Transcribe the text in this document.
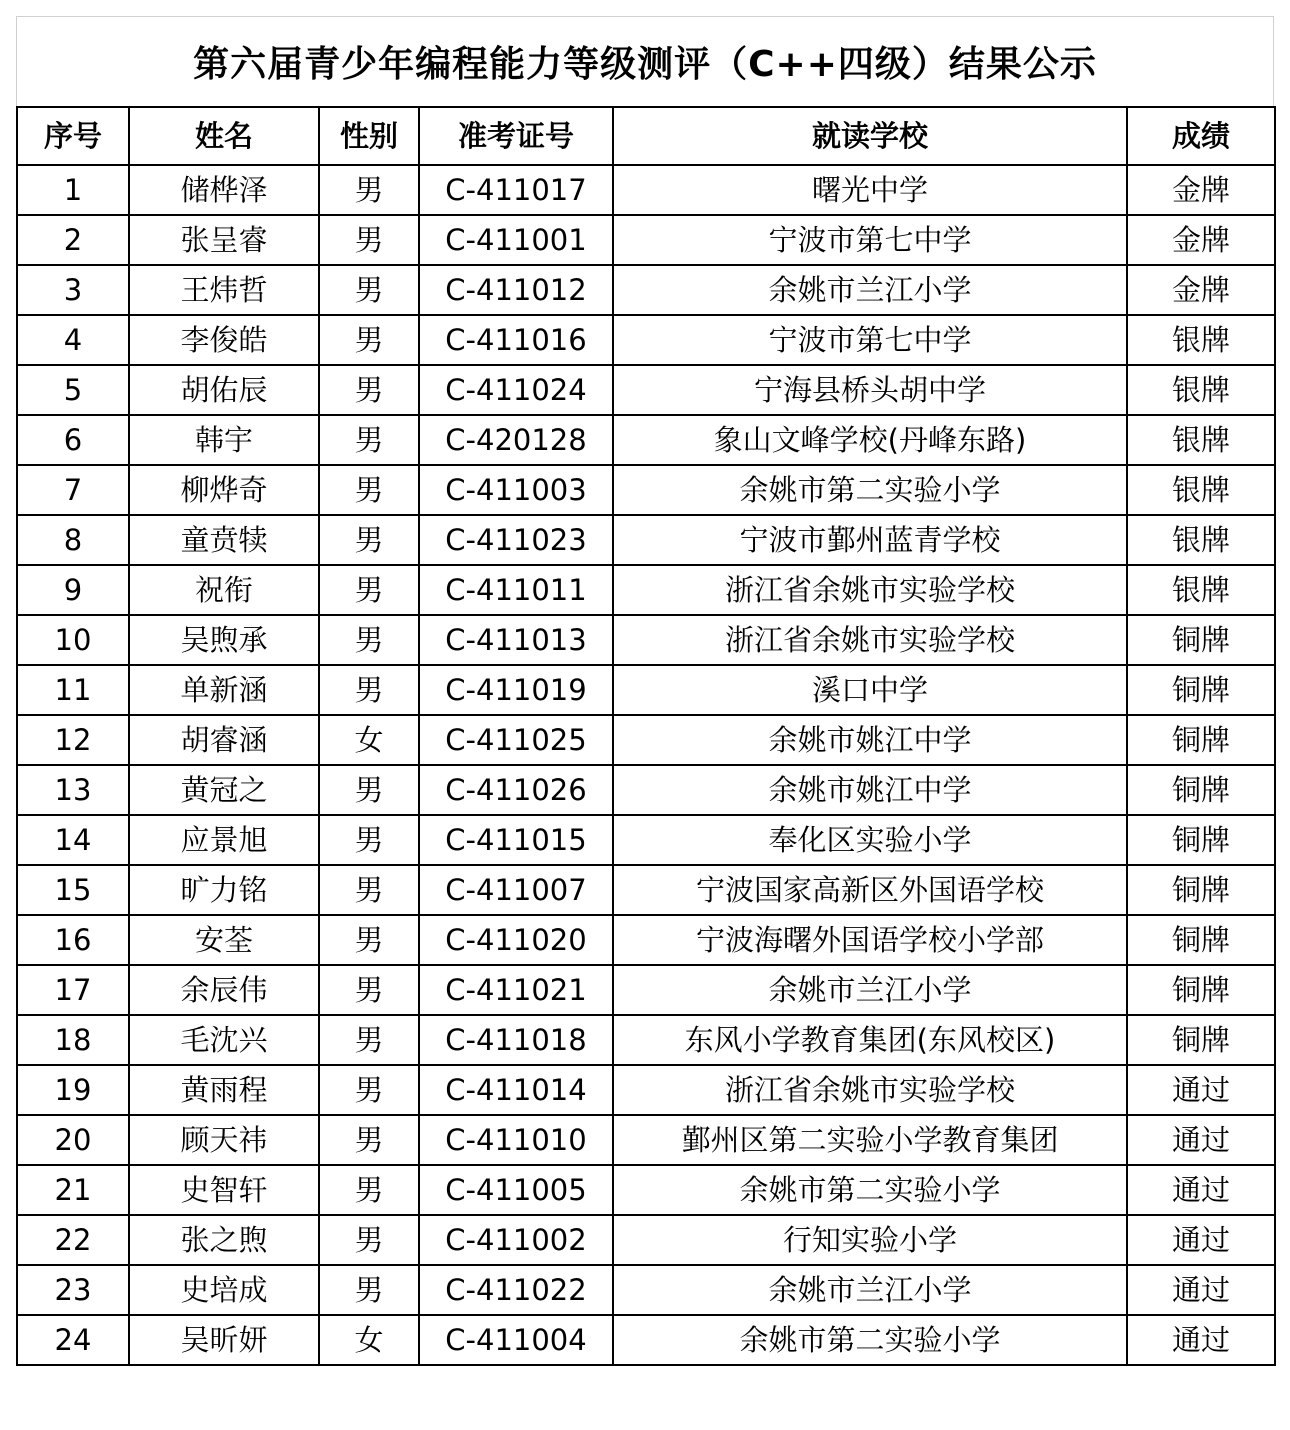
第六届青少年编程能力等级测评（C++四级）结果公示
序号	姓名	性别	准考证号	就读学校	成绩
1	储桦泽	男	C-411017	曙光中学	金牌
2	张呈睿	男	C-411001	宁波市第七中学	金牌
3	王炜哲	男	C-411012	余姚市兰江小学	金牌
4	李俊皓	男	C-411016	宁波市第七中学	银牌
5	胡佑辰	男	C-411024	宁海县桥头胡中学	银牌
6	韩宇	男	C-420128	象山文峰学校(丹峰东路)	银牌
7	柳烨奇	男	C-411003	余姚市第二实验小学	银牌
8	童贲犊	男	C-411023	宁波市鄞州蓝青学校	银牌
9	祝衔	男	C-411011	浙江省余姚市实验学校	银牌
10	吴煦承	男	C-411013	浙江省余姚市实验学校	铜牌
11	单新涵	男	C-411019	溪口中学	铜牌
12	胡睿涵	女	C-411025	余姚市姚江中学	铜牌
13	黄冠之	男	C-411026	余姚市姚江中学	铜牌
14	应景旭	男	C-411015	奉化区实验小学	铜牌
15	旷力铭	男	C-411007	宁波国家高新区外国语学校	铜牌
16	安荃	男	C-411020	宁波海曙外国语学校小学部	铜牌
17	余辰伟	男	C-411021	余姚市兰江小学	铜牌
18	毛沈兴	男	C-411018	东风小学教育集团(东风校区)	铜牌
19	黄雨程	男	C-411014	浙江省余姚市实验学校	通过
20	顾天祎	男	C-411010	鄞州区第二实验小学教育集团	通过
21	史智轩	男	C-411005	余姚市第二实验小学	通过
22	张之煦	男	C-411002	行知实验小学	通过
23	史培成	男	C-411022	余姚市兰江小学	通过
24	吴昕妍	女	C-411004	余姚市第二实验小学	通过
